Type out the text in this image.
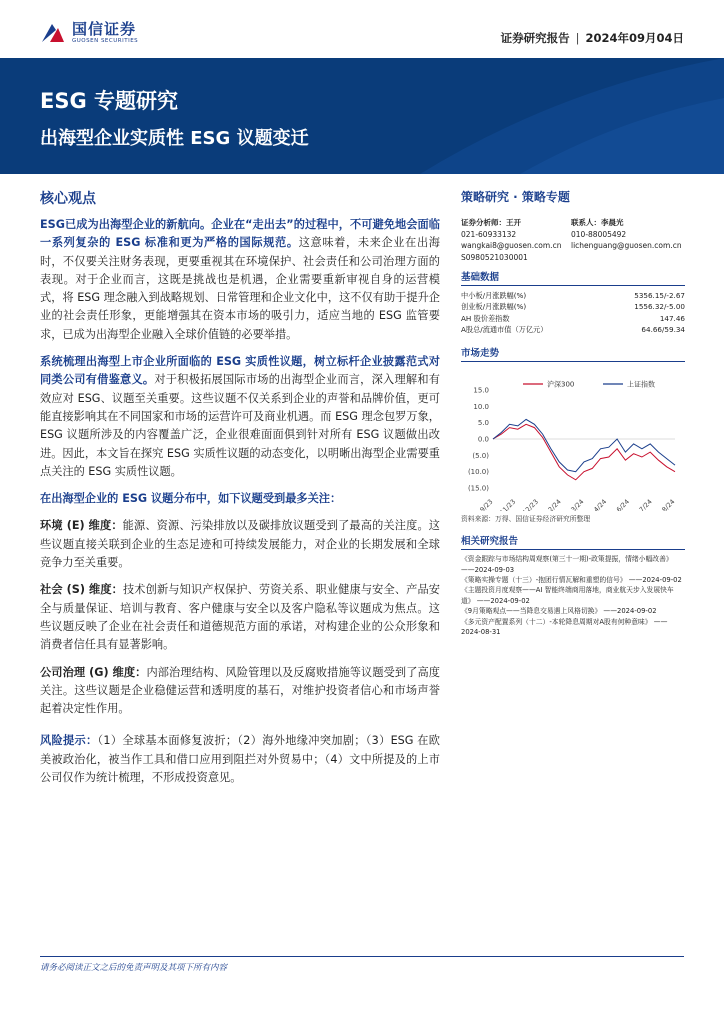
国信证券
GUOSEN SECURITIES	证券研究报告 | 2024年09月04日
ESG 专题研究
出海型企业实质性 ESG 议题变迁
核心观点

ESG已成为出海型企业的新航向。企业在“走出去”的过程中，不可避免地会面临一系列复杂的 ESG 标准和更为严格的国际规范。这意味着，未来企业在出海时，不仅要关注财务表现，更要重视其在环境保护、社会责任和公司治理方面的表现。对于企业而言，这既是挑战也是机遇，企业需要重新审视自身的运营模式，将 ESG 理念融入到战略规划、日常管理和企业文化中，这不仅有助于提升企业的社会责任形象，更能增强其在资本市场的吸引力，适应当地的 ESG 监管要求，已成为出海型企业融入全球价值链的必要举措。

系统梳理出海型上市企业所面临的 ESG 实质性议题，树立标杆企业披露范式对同类公司有借鉴意义。对于积极拓展国际市场的出海型企业而言，深入理解和有效应对 ESG、议题至关重要。这些议题不仅关系到企业的声誉和品牌价值，更可能直接影响其在不同国家和市场的运营许可及商业机遇。而 ESG 理念包罗万象，ESG 议题所涉及的内容覆盖广泛，企业很难面面俱到针对所有 ESG 议题做出改进。因此，本文旨在探究 ESG 实质性议题的动态变化，以明晰出海型企业需要重点关注的 ESG 实质性议题。

在出海型企业的 ESG 议题分布中，如下议题受到最多关注：

环境 (E) 维度：能源、资源、污染排放以及碳排放议题受到了最高的关注度。这些议题直接关联到企业的生态足迹和可持续发展能力，对企业的长期发展和全球竞争力至关重要。

社会 (S) 维度：技术创新与知识产权保护、劳资关系、职业健康与安全、产品安全与质量保证、培训与教育、客户健康与安全以及客户隐私等议题成为焦点。这些议题反映了企业在社会责任和道德规范方面的承诺，对构建企业的公众形象和消费者信任具有显著影响。

公司治理 (G) 维度：内部治理结构、风险管理以及反腐败措施等议题受到了高度关注。这些议题是企业稳健运营和透明度的基石，对维护投资者信心和市场声誉起着决定性作用。

风险提示：（1）全球基本面修复波折；（2）海外地缘冲突加剧；（3）ESG 在欧美被政治化，被当作工具和借口应用到阻拦对外贸易中；（4）文中所提及的上市公司仅作为统计梳理，不形成投资意见。

策略研究 · 策略专题
证券分析师：王开	联系人：李晨光
021-60933132	010-88005492
wangkai8@guosen.com.cn	lichenguang@guosen.com.cn
S0980521030001
基础数据
中小板/月涨跌幅(%)	5356.15/-2.67
创业板/月涨跌幅(%)	1556.32/-5.00
AH 股价差指数	147.46
A股总/流通市值（万亿元）	64.66/59.34
市场走势
15.0
10.0
5.0
0.0
(5.0)
(10.0)
(15.0)
9/23 11/23 12/23 2/24 3/24 4/24 6/24 7/24 8/24
沪深300	上证指数
资料来源：万得、国信证券经济研究所整理
相关研究报告
《资金跟踪与市场结构周观察(第三十一期)-政策提振，情绪小幅改善》 ——2024-09-03
《策略实操专题（十三）-抱团行情瓦解和重塑的信号》 ——2024-09-02
《主题投资月度观察——AI 智能终端商用落地，商业航天步入发展快车道》 ——2024-09-02
《9月策略观点——当降息交易遇上风格切换》 ——2024-09-02
《多元资产配置系列（十二）-本轮降息周期对A股有何种意味》 ——2024-08-31
请务必阅读正文之后的免责声明及其项下所有内容
